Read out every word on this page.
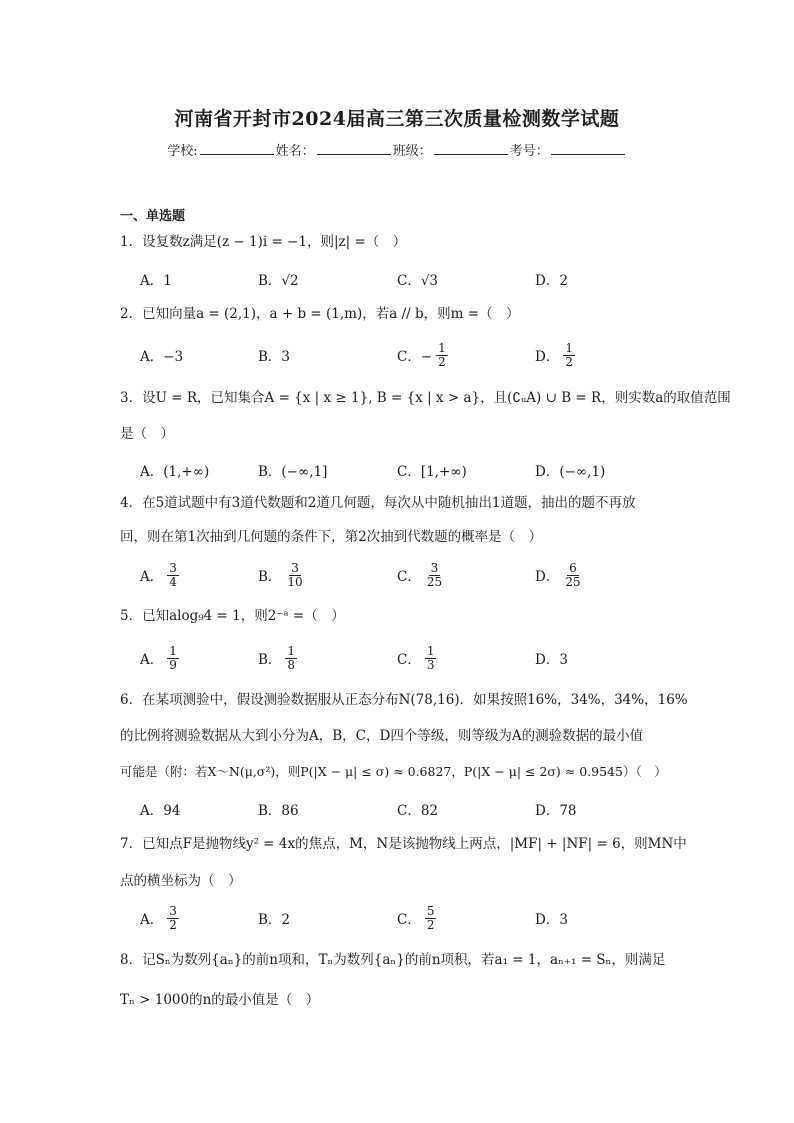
河南省开封市2024届高三第三次质量检测数学试题
学校:	姓名：	班级：	考号：
一、单选题
1．设复数z满足(z − 1)i = −1，则|z| =（　）
A．1	B．√2	C．√3	D．2
2．已知向量a = (2,1)，a + b = (1,m)，若a // b，则m =（　）
A．−3	B．3	C．− $\frac{1}{2}$	D． $\frac{1}{2}$
3．设U = R，已知集合A = {x | x ≥ 1}, B = {x | x > a}，且(∁ᵤA) ∪ B = R，则实数a的取值范围
是（　）
A．(1,+∞)	B．(−∞,1]	C．[1,+∞)	D．(−∞,1)
4．在5道试题中有3道代数题和2道几何题，每次从中随机抽出1道题，抽出的题不再放
回，则在第1次抽到几何题的条件下，第2次抽到代数题的概率是（　）
A． $\frac{3}{4}$	B． $\frac{3}{10}$	C． $\frac{3}{25}$	D． $\frac{6}{25}$
5．已知alog₉4 = 1，则2⁻ᵃ =（　）
A． $\frac{1}{9}$	B． $\frac{1}{8}$	C． $\frac{1}{3}$	D．3
6．在某项测验中，假设测验数据服从正态分布N(78,16)．如果按照16%，34%，34%，16%
的比例将测验数据从大到小分为A，B，C，D四个等级，则等级为A的测验数据的最小值
可能是（附：若X～N(μ,σ²)，则P(|X − μ| ≤ σ) ≈ 0.6827，P(|X − μ| ≤ 2σ) ≈ 0.9545）（　）
A．94	B．86	C．82	D．78
7．已知点F是抛物线y² = 4x的焦点，M，N是该抛物线上两点，|MF| + |NF| = 6，则MN中
点的横坐标为（　）
A． $\frac{3}{2}$	B．2	C． $\frac{5}{2}$	D．3
8．记Sₙ为数列{aₙ}的前n项和，Tₙ为数列{aₙ}的前n项积，若a₁ = 1，aₙ₊₁ = Sₙ，则满足
Tₙ > 1000的n的最小值是（　）
